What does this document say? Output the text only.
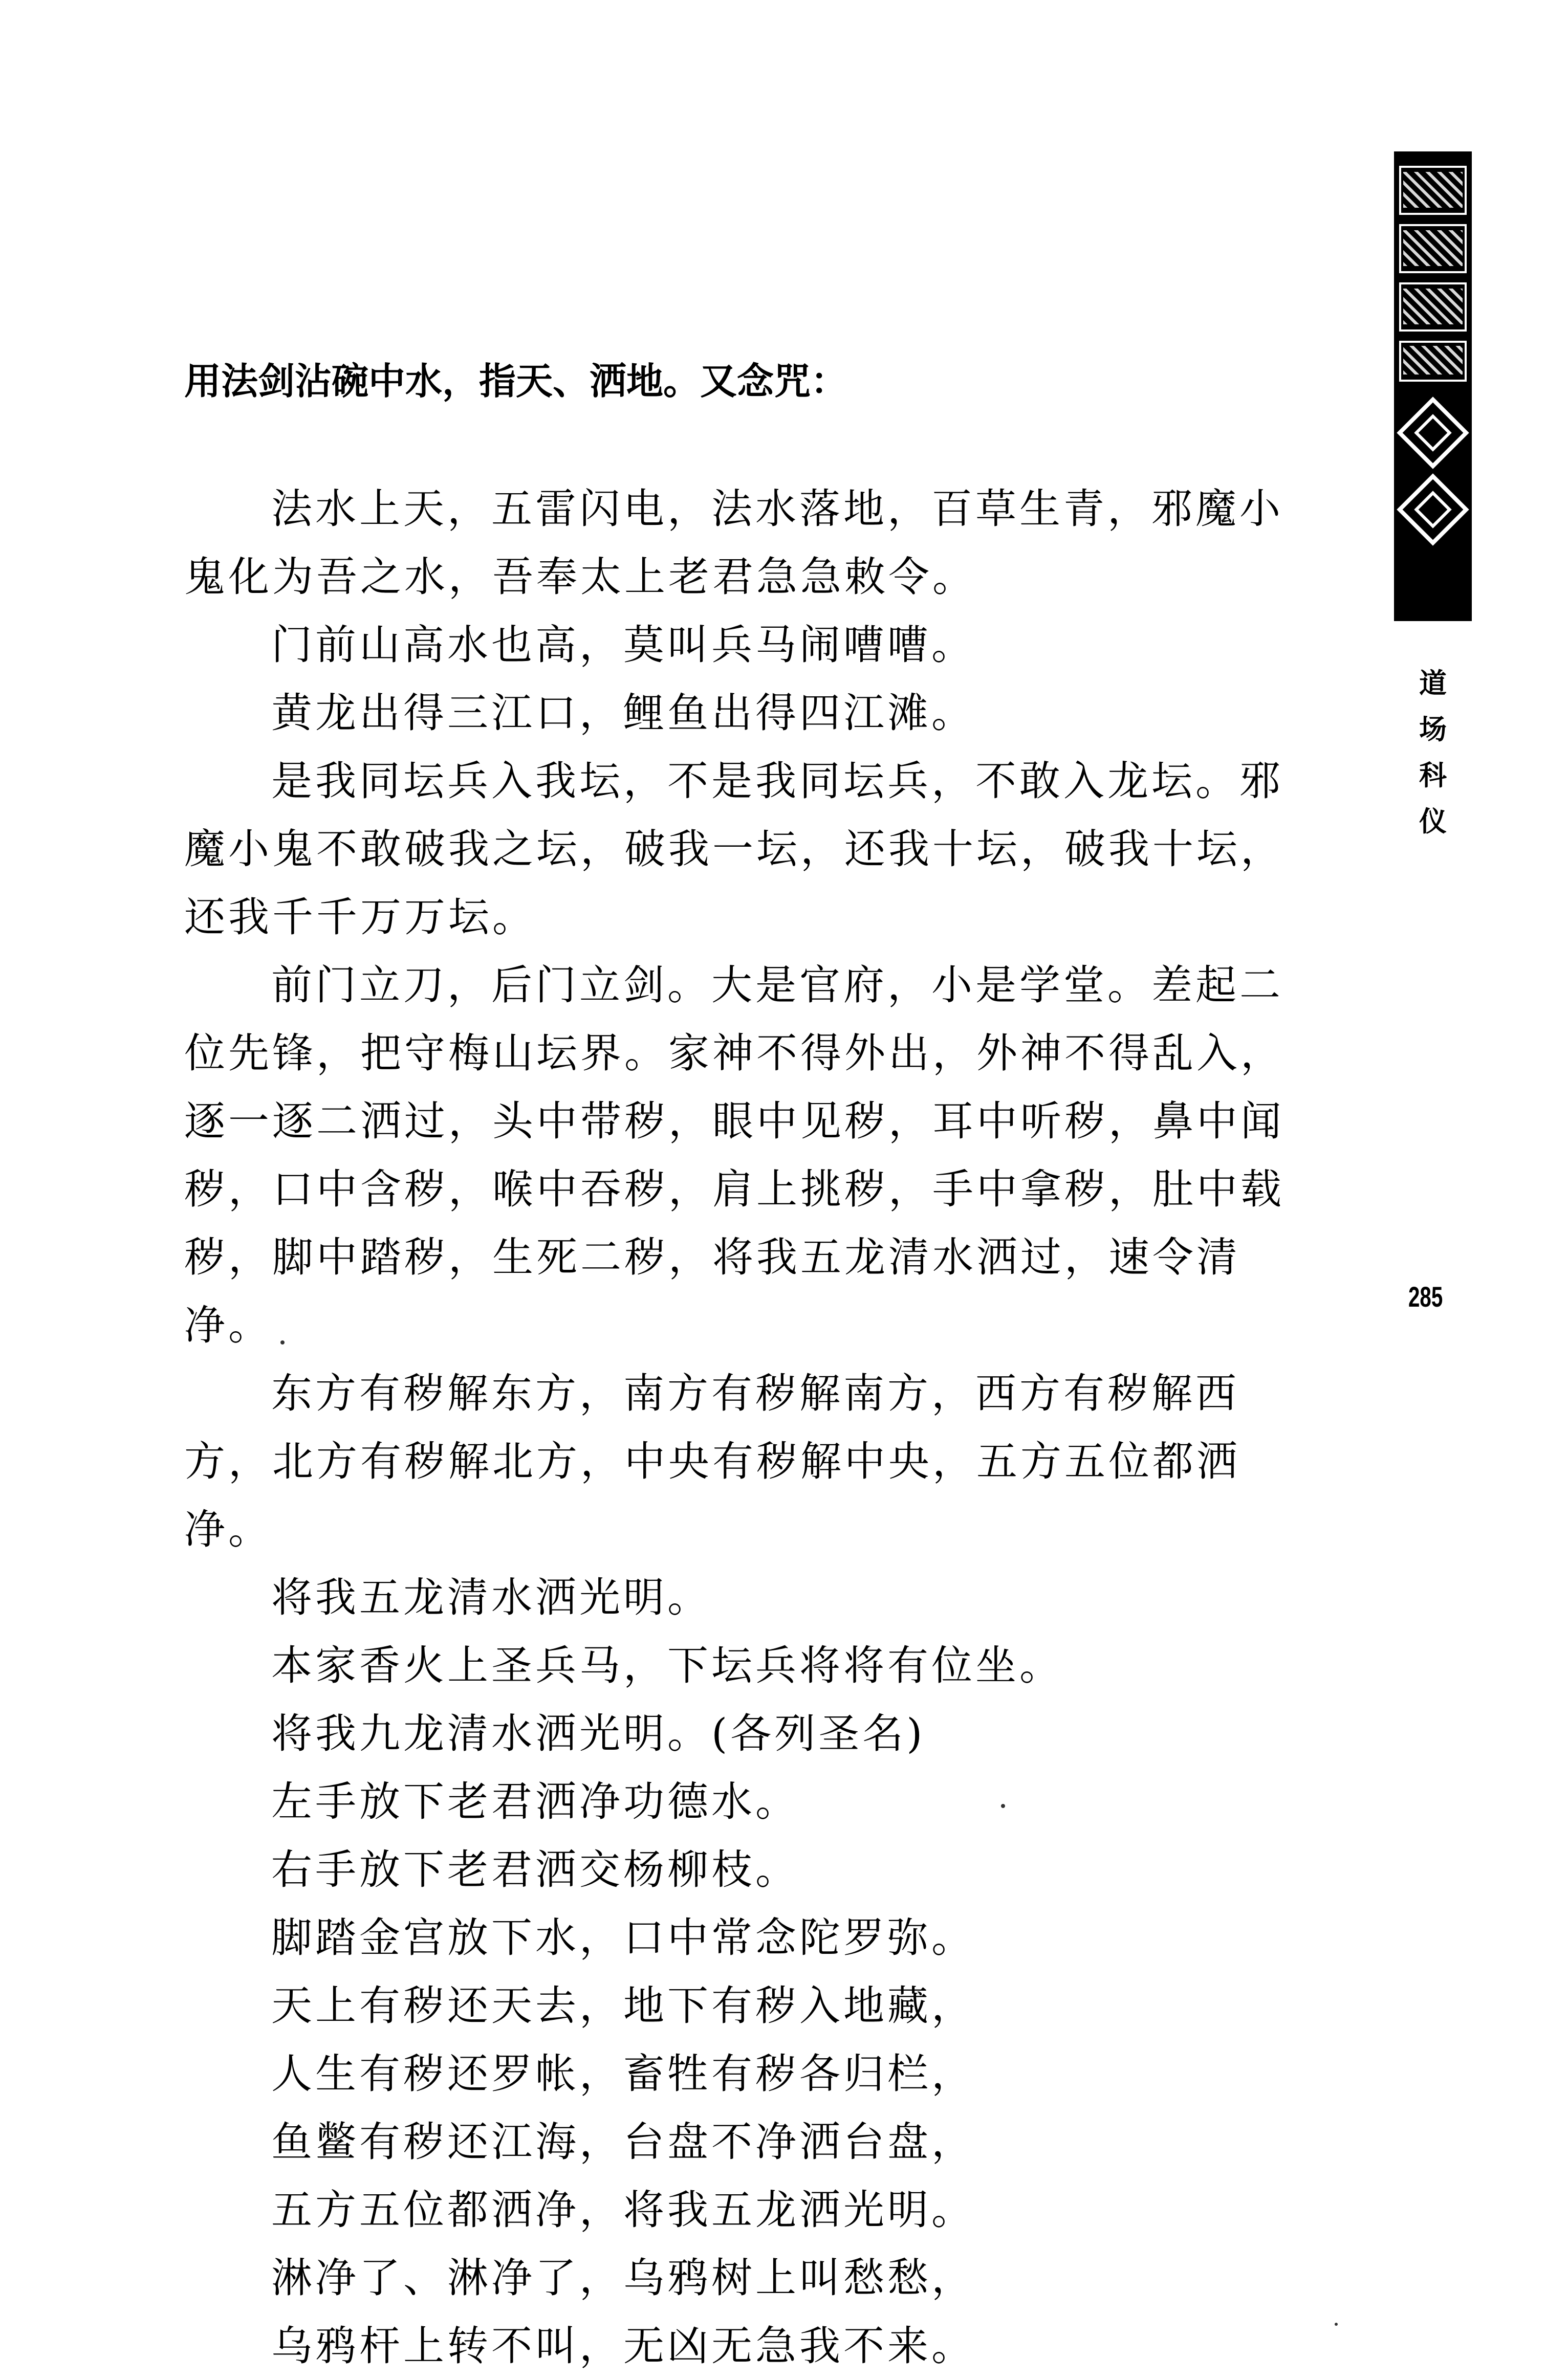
用法剑沾碗中水，指天、洒地。又念咒：

法水上天，五雷闪电，法水落地，百草生青，邪魔小鬼化为吾之水，吾奉太上老君急急敕令。

门前山高水也高，莫叫兵马闹嘈嘈。

黄龙出得三江口，鲤鱼出得四江滩。

是我同坛兵入我坛，不是我同坛兵，不敢入龙坛。邪魔小鬼不敢破我之坛，破我一坛，还我十坛，破我十坛，还我千千万万坛。

前门立刀，后门立剑。大是官府，小是学堂。差起二位先锋，把守梅山坛界。家神不得外出，外神不得乱入，逐一逐二洒过，头中带秽，眼中见秽，耳中听秽，鼻中闻秽，口中含秽，喉中吞秽，肩上挑秽，手中拿秽，肚中载秽，脚中踏秽，生死二秽，将我五龙清水洒过，速令清净。

东方有秽解东方，南方有秽解南方，西方有秽解西方，北方有秽解北方，中央有秽解中央，五方五位都洒净。

将我五龙清水洒光明。

本家香火上圣兵马，下坛兵将将有位坐。

将我九龙清水洒光明。(各列圣名)

左手放下老君洒净功德水。

右手放下老君洒交杨柳枝。

脚踏金宫放下水，口中常念陀罗弥。

天上有秽还天去，地下有秽入地藏，

人生有秽还罗帐，畜牲有秽各归栏，

鱼鳖有秽还江海，台盘不净洒台盘，

五方五位都洒净，将我五龙洒光明。

淋净了、淋净了，乌鸦树上叫愁愁，

乌鸦杆上转不叫，无凶无急我不来。

道
场
科
仪
285
